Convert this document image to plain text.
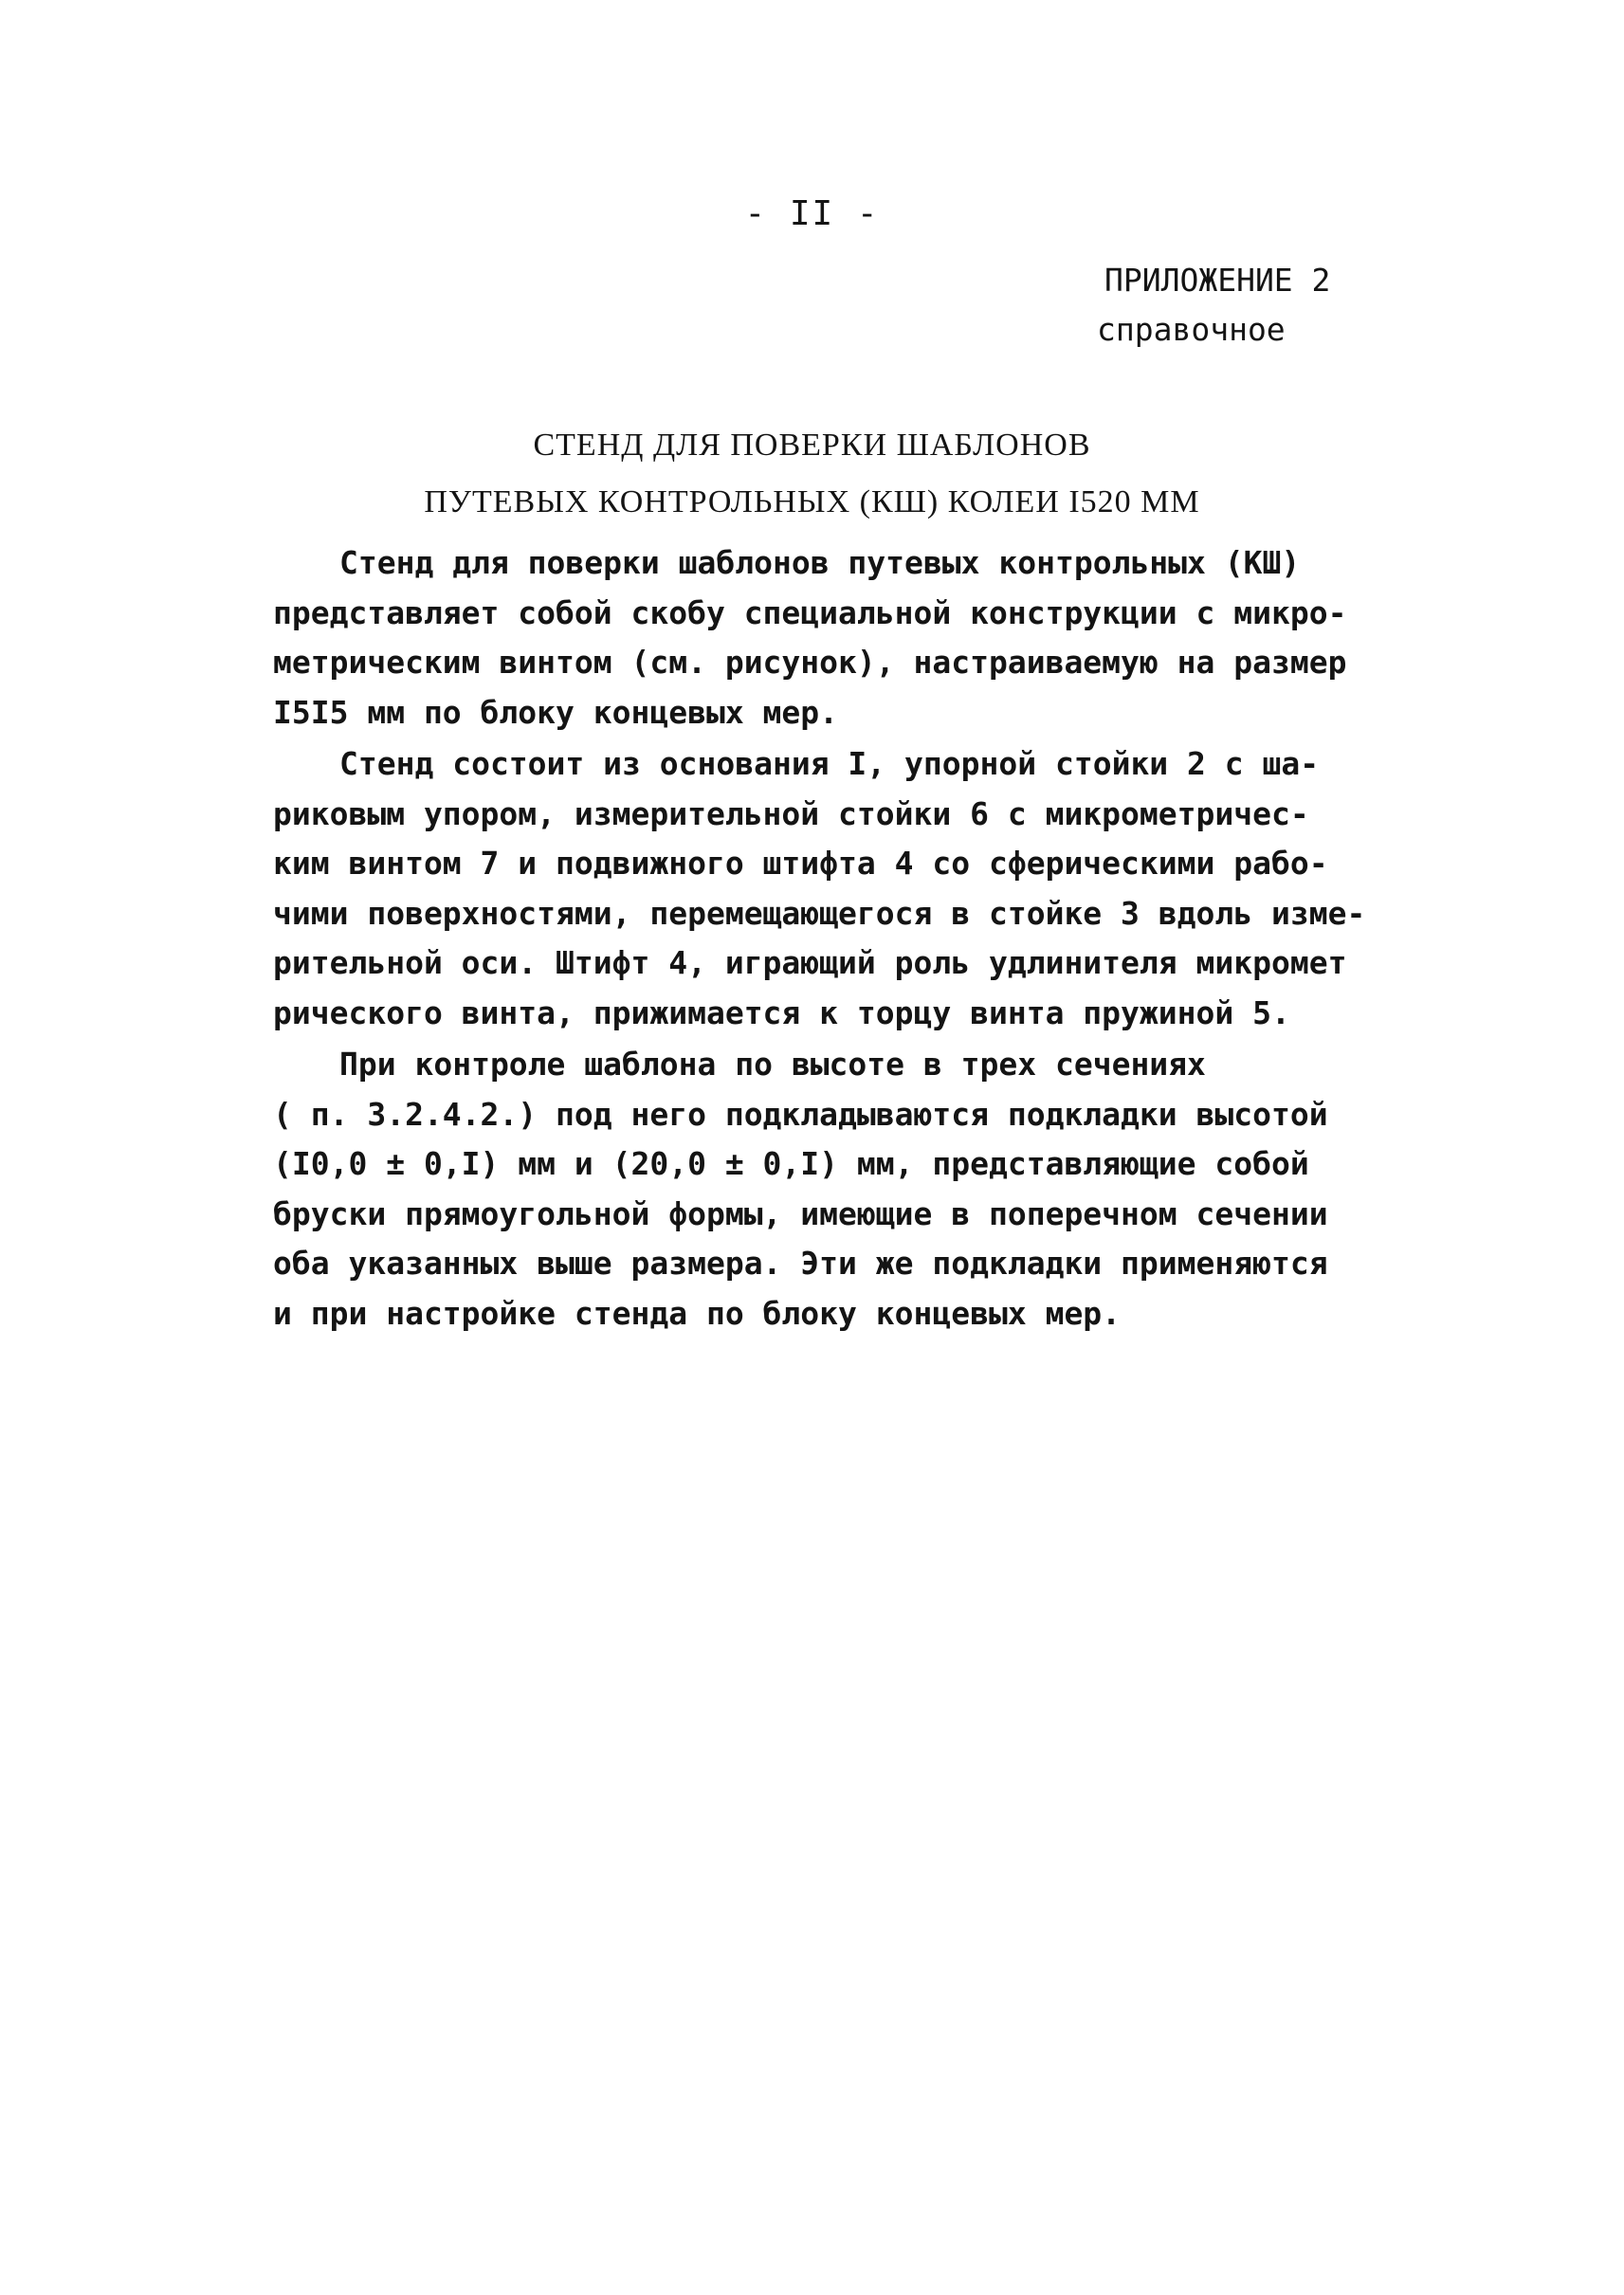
- II -
ПРИЛОЖЕНИЕ 2
справочное
СТЕНД ДЛЯ ПОВЕРКИ ШАБЛОНОВ
ПУТЕВЫХ КОНТРОЛЬНЫХ (КШ) КОЛЕИ I520 ММ
Стенд для поверки шаблонов путевых контрольных (КШ)
представляет собой скобу специальной конструкции с микро-
метрическим винтом (см. рисунок), настраиваемую на размер
I5I5 мм по блоку концевых мер.
Стенд состоит из основания I, упорной стойки 2 с ша-
риковым упором, измерительной стойки 6 с микрометричес-
ким винтом 7 и подвижного штифта 4 со сферическими рабо-
чими поверхностями, перемещающегося в стойке 3 вдоль изме-
рительной оси. Штифт 4, играющий роль удлинителя микромет
рического винта, прижимается к торцу винта пружиной 5.
При контроле шаблона по высоте в трех сечениях
( п. 3.2.4.2.) под него подкладываются подкладки высотой
(I0,0 ± 0,I) мм и (20,0 ± 0,I) мм, представляющие собой
бруски прямоугольной формы, имеющие в поперечном сечении
оба указанных выше размера. Эти же подкладки применяются
и при настройке стенда по блоку концевых мер.
